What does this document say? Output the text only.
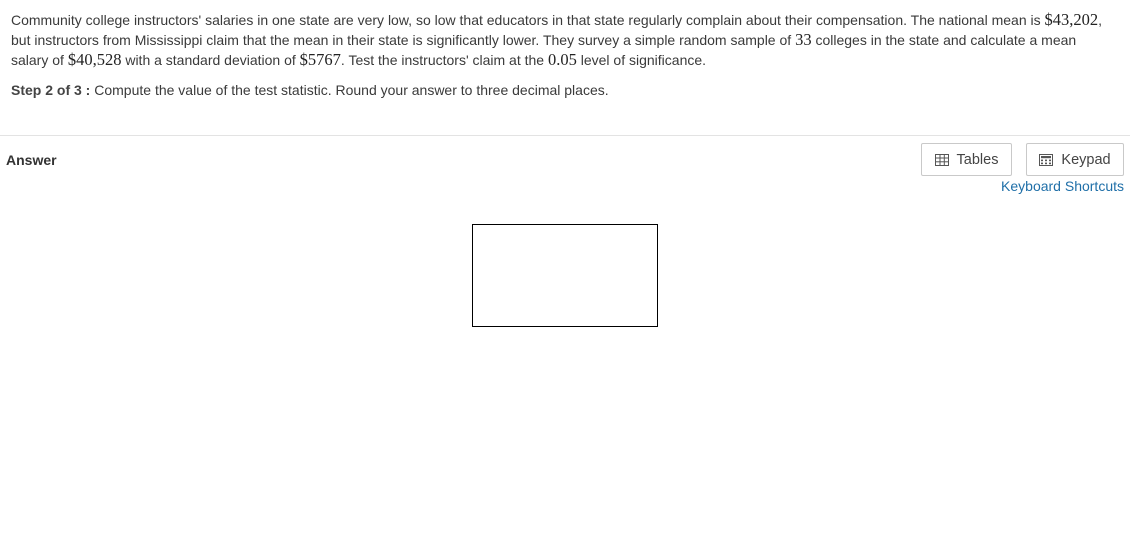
Community college instructors' salaries in one state are very low, so low that educators in that state regularly complain about their compensation. The national mean is $43,202, but instructors from Mississippi claim that the mean in their state is significantly lower. They survey a simple random sample of 33 colleges in the state and calculate a mean salary of $40,528 with a standard deviation of $5767. Test the instructors' claim at the 0.05 level of significance.
Step 2 of 3 : Compute the value of the test statistic. Round your answer to three decimal places.
Answer	Tables	Keypad
Keyboard Shortcuts
